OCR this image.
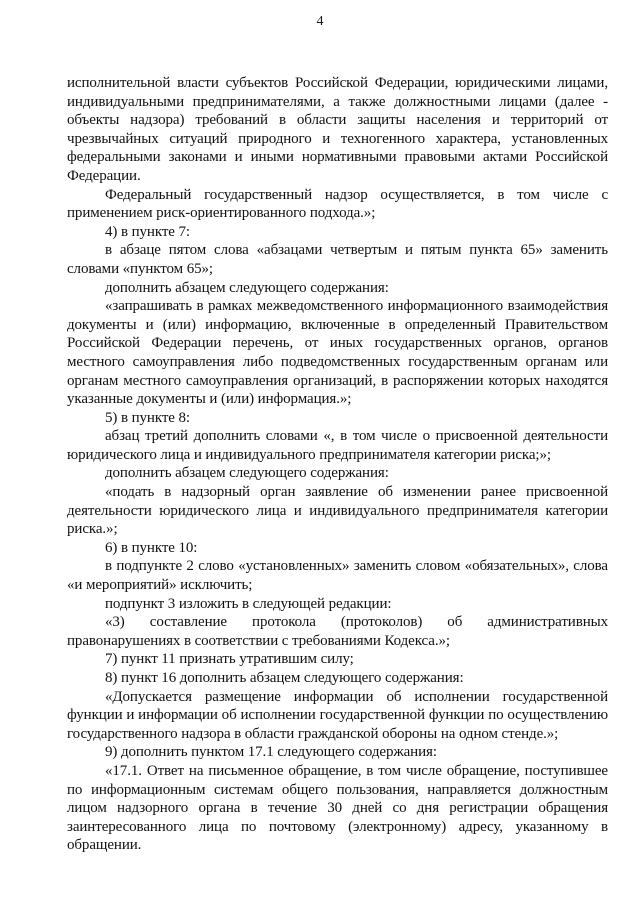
4

исполнительной власти субъектов Российской Федерации, юридическими лицами, индивидуальными предпринимателями, а также должностными лицами (далее - объекты надзора) требований в области защиты населения и территорий от чрезвычайных ситуаций природного и техногенного характера, установленных федеральными законами и иными нормативными правовыми актами Российской Федерации.

Федеральный государственный надзор осуществляется, в том числе с применением риск-ориентированного подхода.»;

4) в пункте 7:

в абзаце пятом слова «абзацами четвертым и пятым пункта 65» заменить словами «пунктом 65»;

дополнить абзацем следующего содержания:

«запрашивать в рамках межведомственного информационного взаимодействия документы и (или) информацию, включенные в определенный Правительством Российской Федерации перечень, от иных государственных органов, органов местного самоуправления либо подведомственных государственным органам или органам местного самоуправления организаций, в распоряжении которых находятся указанные документы и (или) информация.»;

5) в пункте 8:

абзац третий дополнить словами «, в том числе о присвоенной деятельности юридического лица и индивидуального предпринимателя категории риска;»;

дополнить абзацем следующего содержания:

«подать в надзорный орган заявление об изменении ранее присвоенной деятельности юридического лица и индивидуального предпринимателя категории риска.»;

6) в пункте 10:

в подпункте 2 слово «установленных» заменить словом «обязательных», слова «и мероприятий» исключить;

подпункт 3 изложить в следующей редакции:

«3) составление протокола (протоколов) об административных правонарушениях в соответствии с требованиями Кодекса.»;

7) пункт 11 признать утратившим силу;

8) пункт 16 дополнить абзацем следующего содержания:

«Допускается размещение информации об исполнении государственной функции и информации об исполнении государственной функции по осуществлению государственного надзора в области гражданской обороны на одном стенде.»;

9) дополнить пунктом 17.1 следующего содержания:

«17.1. Ответ на письменное обращение, в том числе обращение, поступившее по информационным системам общего пользования, направляется должностным лицом надзорного органа в течение 30 дней со дня регистрации обращения заинтересованного лица по почтовому (электронному) адресу, указанному в обращении.
